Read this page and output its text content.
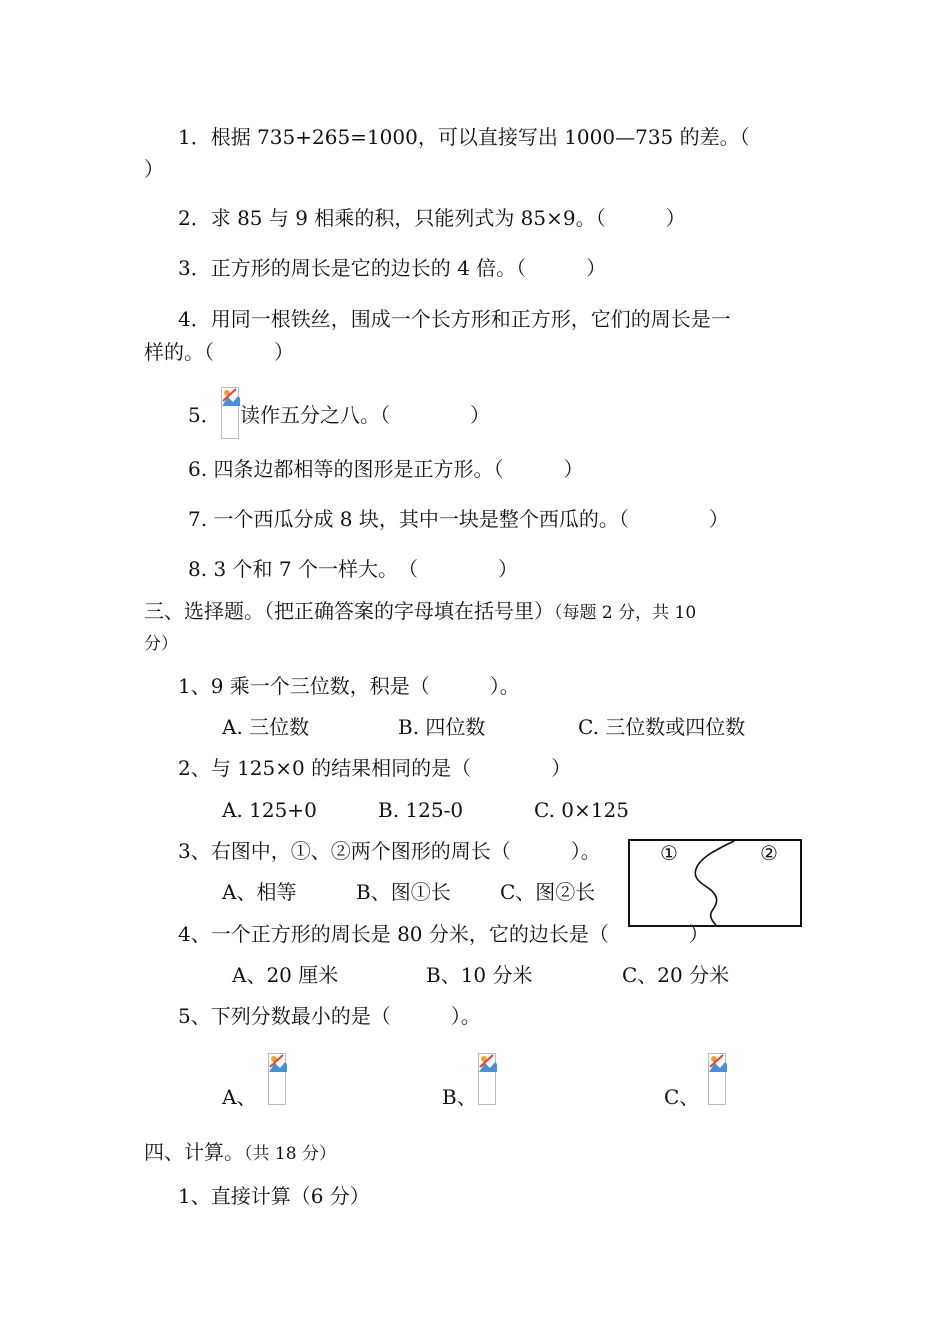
1．根据 735+265=1000，可以直接写出 1000—735 的差。（
）
2．求 85 与 9 相乘的积，只能列式为 85×9。（　　　）
3．正方形的周长是它的边长的 4 倍。（　　　）
4．用同一根铁丝，围成一个长方形和正方形，它们的周长是一
样的。（　　　）
5． 读作五分之八。（　　　　）
6. 四条边都相等的图形是正方形。（　　　）
7. 一个西瓜分成 8 块，其中一块是整个西瓜的。（　　　　）
8. 3 个和 7 个一样大。　（　　　　）
三、选择题。（把正确答案的字母填在括号里）（每题 2 分，共 10
分）
1、9 乘一个三位数，积是（　　　）。
A. 三位数	B. 四位数	C. 三位数或四位数
2、与 125×0 的结果相同的是（　　　　）
A. 125+0	B. 125-0	C. 0×125
3、右图中，①、②两个图形的周长（　　　）。
A、相等	B、图①长 C、图②长
①	②
4、一个正方形的周长是 80 分米，它的边长是（　　　　）
A、20 厘米	B、10 分米	C、20 分米
5、下列分数最小的是（　　　）。
A、	B、	C、
四、计算。（共 18 分）
1、直接计算（6 分）
